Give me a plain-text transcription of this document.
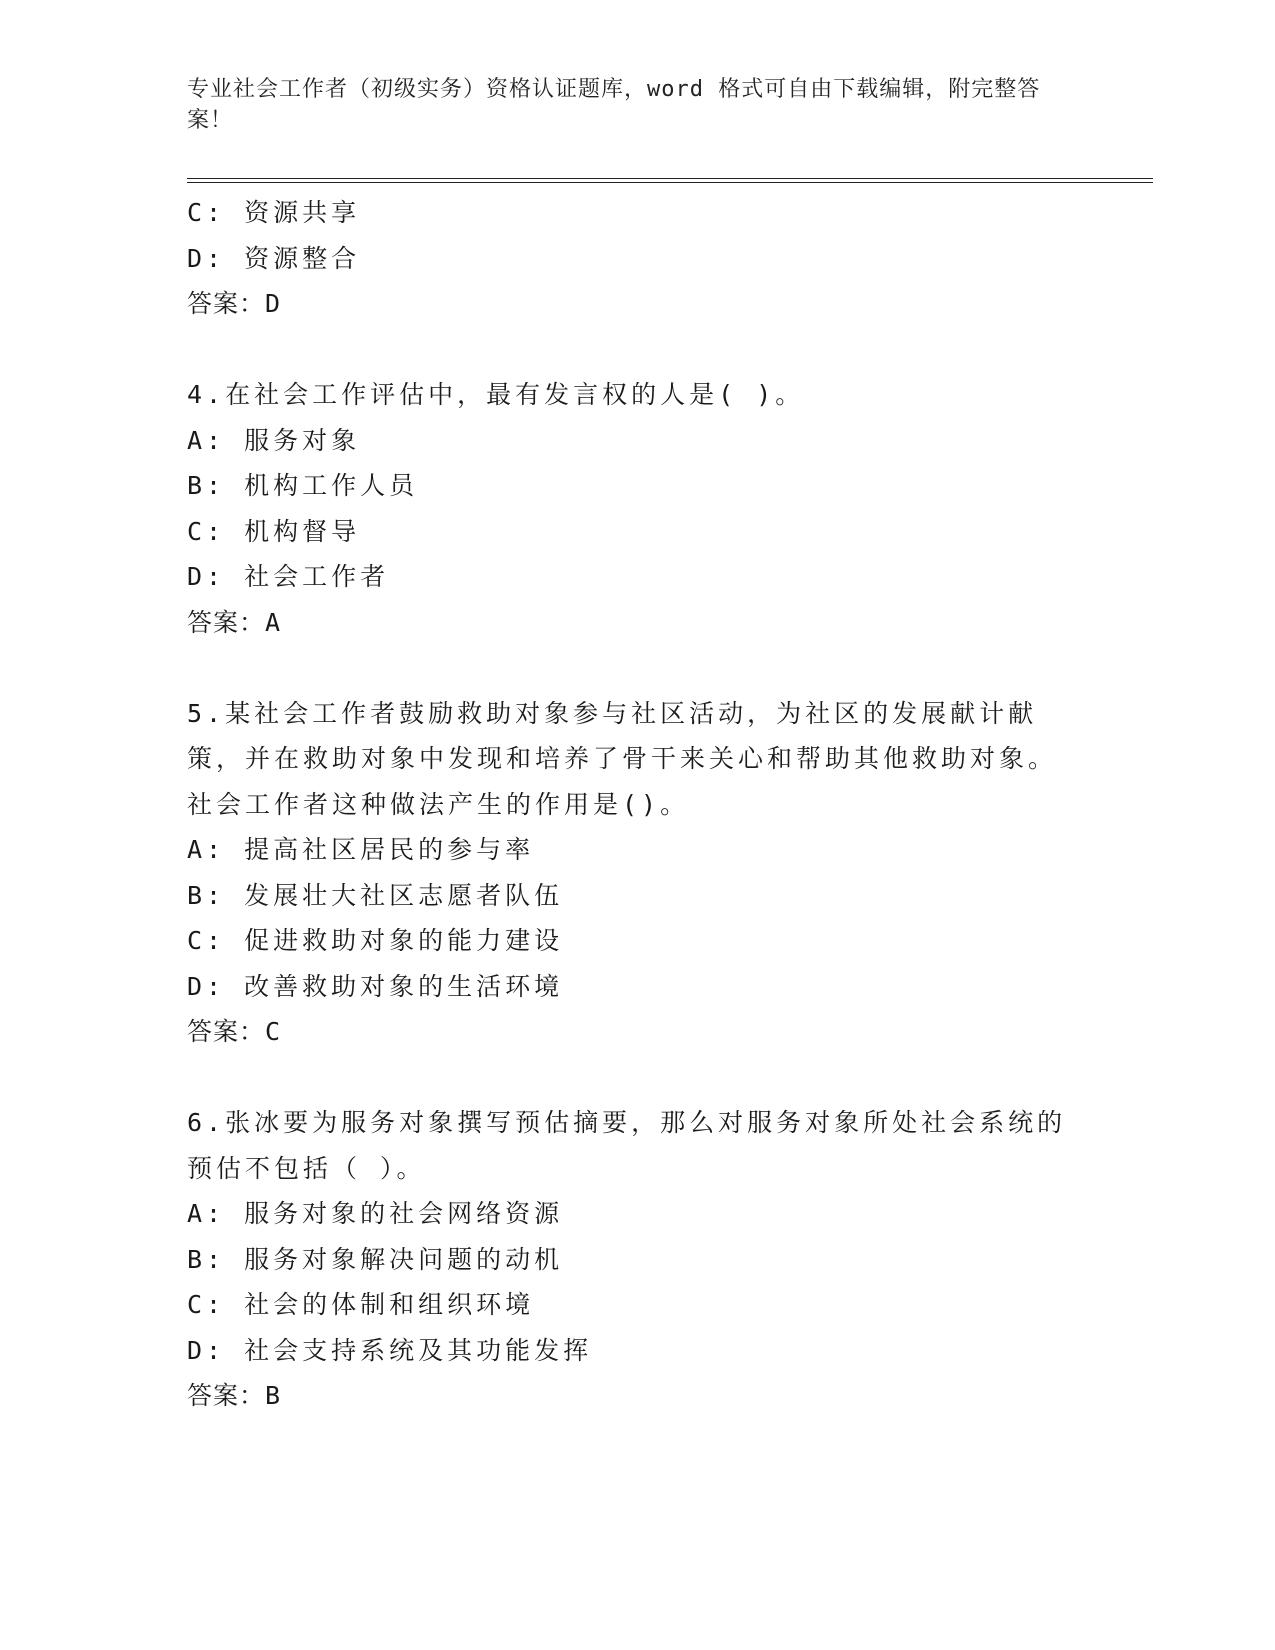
专业社会工作者（初级实务）资格认证题库，word 格式可自由下载编辑，附完整答案！
C: 资源共享
D: 资源整合
答案：D
4.在社会工作评估中，最有发言权的人是( )。
A: 服务对象
B: 机构工作人员
C: 机构督导
D: 社会工作者
答案：A
5.某社会工作者鼓励救助对象参与社区活动，为社区的发展献计献策，并在救助对象中发现和培养了骨干来关心和帮助其他救助对象。社会工作者这种做法产生的作用是()。
A: 提高社区居民的参与率
B: 发展壮大社区志愿者队伍
C: 促进救助对象的能力建设
D: 改善救助对象的生活环境
答案：C
6.张冰要为服务对象撰写预估摘要，那么对服务对象所处社会系统的预估不包括（ ）。
A: 服务对象的社会网络资源
B: 服务对象解决问题的动机
C: 社会的体制和组织环境
D: 社会支持系统及其功能发挥
答案：B
